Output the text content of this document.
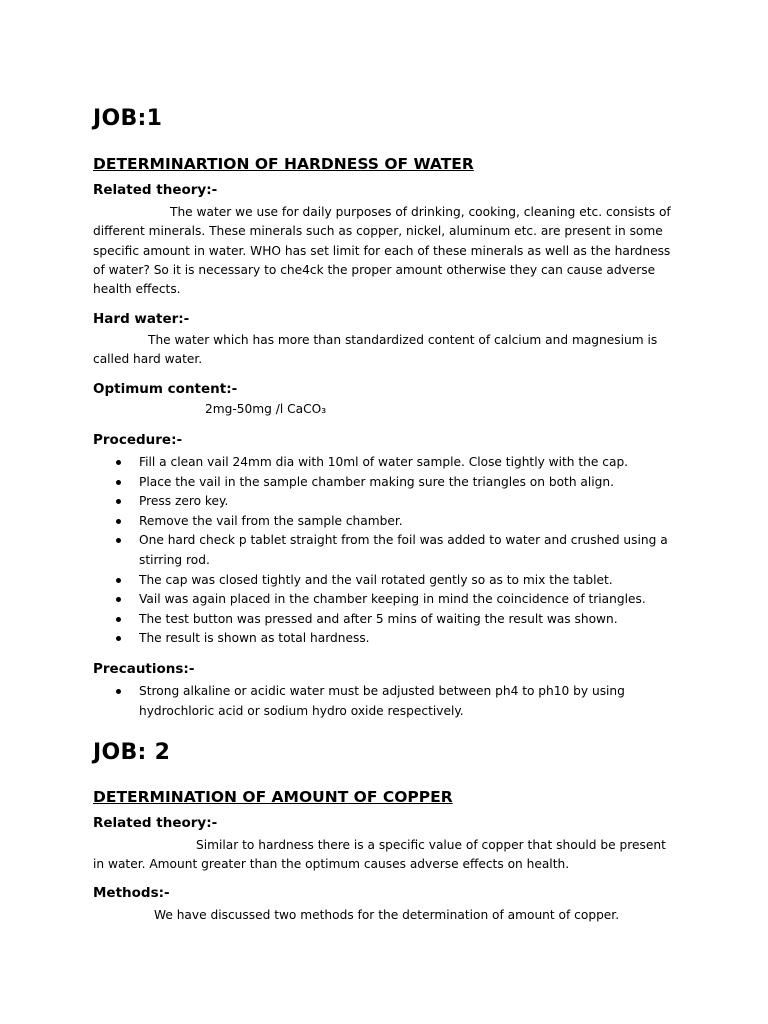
JOB:1
DETERMINARTION OF HARDNESS OF WATER
Related theory:-

The water we use for daily purposes of drinking, cooking, cleaning etc. consists of different minerals. These minerals such as copper, nickel, aluminum etc. are present in some specific amount in water. WHO has set limit for each of these minerals as well as the hardness of water? So it is necessary to che4ck the proper amount otherwise they can cause adverse health effects.

Hard water:-

The water which has more than standardized content of calcium and magnesium is called hard water.

Optimum content:-

2mg-50mg /l CaCO₃

Procedure:-
Fill a clean vail 24mm dia with 10ml of water sample. Close tightly with the cap.
Place the vail in the sample chamber making sure the triangles on both align.
Press zero key.
Remove the vail from the sample chamber.
One hard check p tablet straight from the foil was added to water and crushed using a stirring rod.
The cap was closed tightly and the vail rotated gently so as to mix the tablet.
Vail was again placed in the chamber keeping in mind the coincidence of triangles.
The test button was pressed and after 5 mins of waiting the result was shown.
The result is shown as total hardness.
Precautions:-
Strong alkaline or acidic water must be adjusted between ph4 to ph10 by using hydrochloric acid or sodium hydro oxide respectively.
JOB: 2
DETERMINATION OF AMOUNT OF COPPER
Related theory:-

Similar to hardness there is a specific value of copper that should be present in water. Amount greater than the optimum causes adverse effects on health.

Methods:-

We have discussed two methods for the determination of amount of copper.
